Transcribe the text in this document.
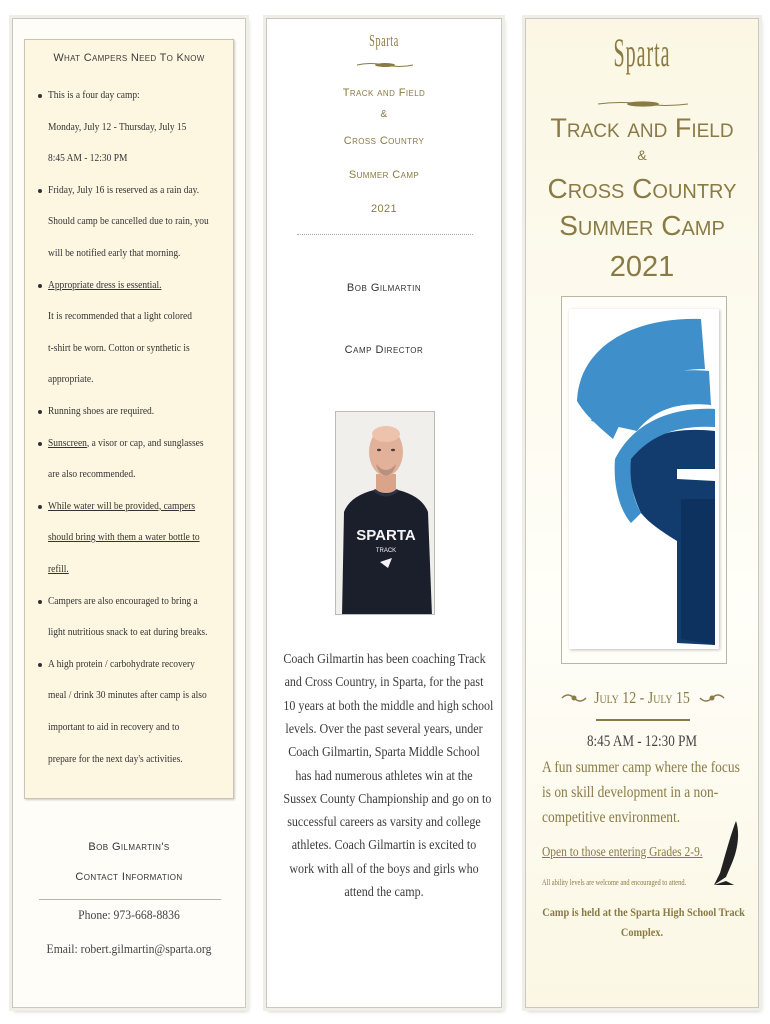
What Campers Need To Know
This is a four day camp:
Monday, July 12 - Thursday, July 15
8:45 AM - 12:30 PM
Friday, July 16 is reserved as a rain day.
Should camp be cancelled due to rain, you
will be notified early that morning.
Appropriate dress is essential.
It is recommended that a light colored
t-shirt be worn. Cotton or synthetic is
appropriate.
Running shoes are required.
Sunscreen, a visor or cap, and sunglasses
are also recommended.
While water will be provided, campers
should bring with them a water bottle to
refill.
Campers are also encouraged to bring a
light nutritious snack to eat during breaks.
A high protein / carbohydrate recovery
meal / drink 30 minutes after camp is also
important to aid in recovery and to
prepare for the next day's activities.
Bob Gilmartin's
Contact Information
Phone: 973-668-8836
Email: robert.gilmartin@sparta.org
Sparta
Track and Field
&
Cross Country
Summer Camp
2021
Bob Gilmartin
Camp Director
SPARTA
TRACK
Coach Gilmartin has been coaching Track
and Cross Country, in Sparta, for the past
10 years at both the middle and high school
levels. Over the past several years, under
Coach Gilmartin, Sparta Middle School
has had numerous athletes win at the
Sussex County Championship and go on to
successful careers as varsity and college
athletes. Coach Gilmartin is excited to
work with all of the boys and girls who
attend the camp.
Sparta
Track and Field
&
Cross Country
Summer Camp
2021
July 12 - July 15
8:45 AM - 12:30 PM
A fun summer camp where the focus
is on skill development in a non-
competitive environment.
Open to those entering Grades 2-9.
All ability levels are welcome and encouraged to attend.
Camp is held at the Sparta High School Track
Complex.
